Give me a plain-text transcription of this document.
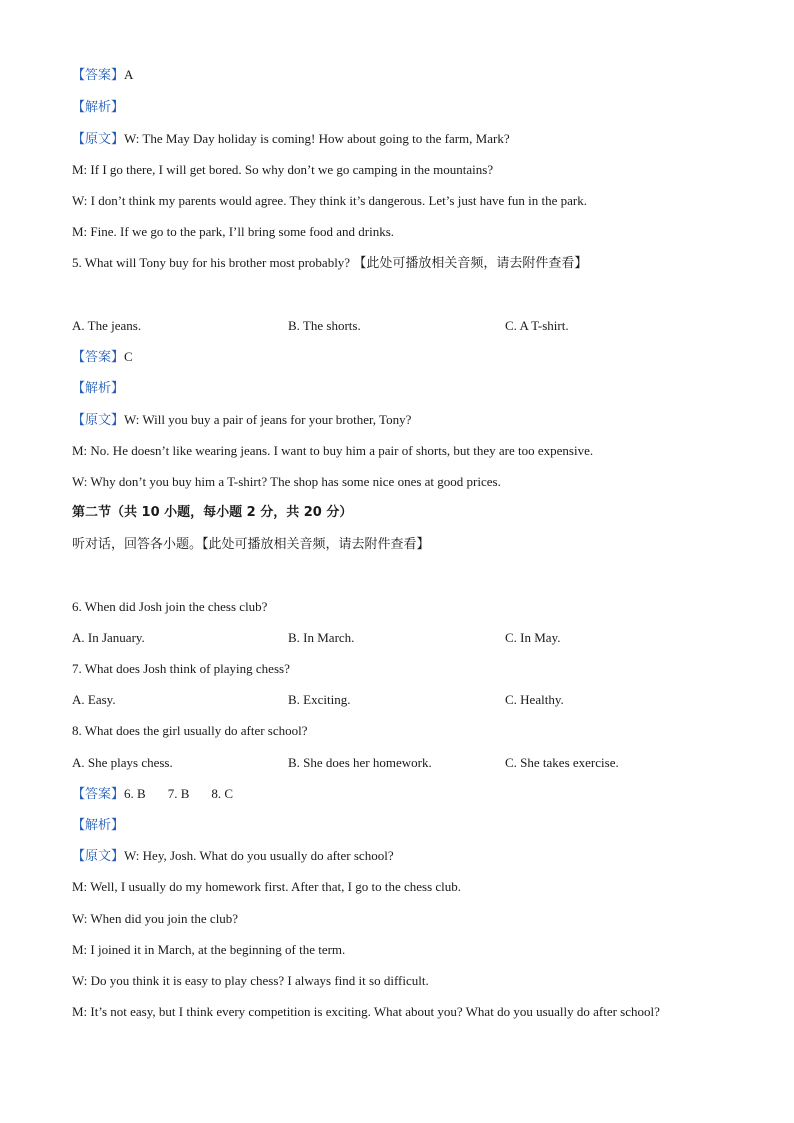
【答案】A
【解析】
【原文】W: The May Day holiday is coming! How about going to the farm, Mark?
M: If I go there, I will get bored. So why don’t we go camping in the mountains?
W: I don’t think my parents would agree. They think it’s dangerous. Let’s just have fun in the park.
M: Fine. If we go to the park, I’ll bring some food and drinks.
5. What will Tony buy for his brother most probably? 【此处可播放相关音频，请去附件查看】
A. The jeans.	B. The shorts.	C. A T-shirt.
【答案】C
【解析】
【原文】W: Will you buy a pair of jeans for your brother, Tony?
M: No. He doesn’t like wearing jeans. I want to buy him a pair of shorts, but they are too expensive.
W: Why don’t you buy him a T-shirt? The shop has some nice ones at good prices.
第二节（共 10 小题，每小题 2 分，共 20 分）
听对话，回答各小题。【此处可播放相关音频，请去附件查看】
6. When did Josh join the chess club?
A. In January.	B. In March.	C. In May.
7. What does Josh think of playing chess?
A. Easy.	B. Exciting.	C. Healthy.
8. What does the girl usually do after school?
A. She plays chess.	B. She does her homework.	C. She takes exercise.
【答案】6. B 7. B 8. C
【解析】
【原文】W: Hey, Josh. What do you usually do after school?
M: Well, I usually do my homework first. After that, I go to the chess club.
W: When did you join the club?
M: I joined it in March, at the beginning of the term.
W: Do you think it is easy to play chess? I always find it so difficult.
M: It’s not easy, but I think every competition is exciting. What about you? What do you usually do after school?
